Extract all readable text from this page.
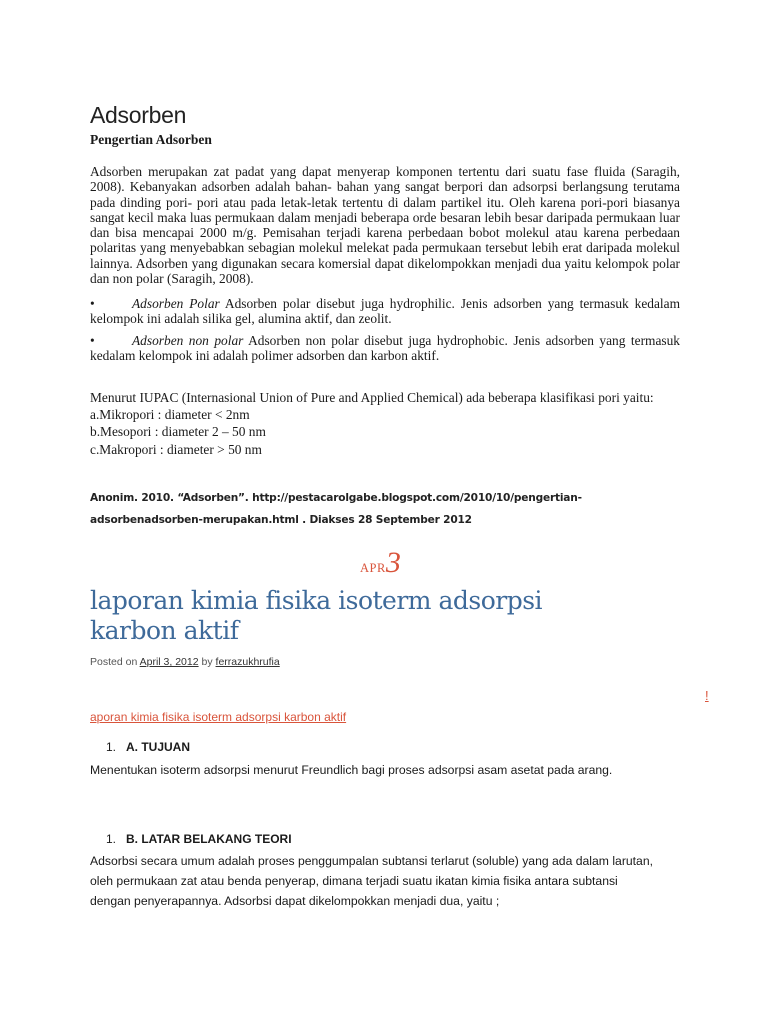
Adsorben
Pengertian Adsorben
Adsorben merupakan zat padat yang dapat menyerap komponen tertentu dari suatu fase fluida (Saragih, 2008). Kebanyakan adsorben adalah bahan- bahan yang sangat berpori dan adsorpsi berlangsung terutama pada dinding pori- pori atau pada letak-letak tertentu di dalam partikel itu. Oleh karena pori-pori biasanya sangat kecil maka luas permukaan dalam menjadi beberapa orde besaran lebih besar daripada permukaan luar dan bisa mencapai 2000 m/g. Pemisahan terjadi karena perbedaan bobot molekul atau karena perbedaan polaritas yang menyebabkan sebagian molekul melekat pada permukaan tersebut lebih erat daripada molekul lainnya. Adsorben yang digunakan secara komersial dapat dikelompokkan menjadi dua yaitu kelompok polar dan non polar (Saragih, 2008).
•	Adsorben Polar Adsorben polar disebut juga hydrophilic. Jenis adsorben yang termasuk kedalam kelompok ini adalah silika gel, alumina aktif, dan zeolit.
•	Adsorben non polar Adsorben non polar disebut juga hydrophobic. Jenis adsorben yang termasuk kedalam kelompok ini adalah polimer adsorben dan karbon aktif.
Menurut IUPAC (Internasional Union of Pure and Applied Chemical) ada beberapa klasifikasi pori yaitu:
a.Mikropori : diameter < 2nm
b.Mesopori : diameter 2 – 50 nm
c.Makropori : diameter > 50 nm
Anonim. 2010. “Adsorben”. http://pestacarolgabe.blogspot.com/2010/10/pengertian-
adsorbenadsorben-merupakan.html . Diakses 28 September 2012
APR3
laporan kimia fisika isoterm adsorpsi
karbon aktif
Posted on April 3, 2012 by ferrazukhrufia
!
aporan kimia fisika isoterm adsorpsi karbon aktif
1. A. TUJUAN
Menentukan isoterm adsorpsi menurut Freundlich bagi proses adsorpsi asam asetat pada arang.
1. B. LATAR BELAKANG TEORI
Adsorbsi secara umum adalah proses penggumpalan subtansi terlarut (soluble) yang ada dalam larutan,
oleh permukaan zat atau benda penyerap, dimana terjadi suatu ikatan kimia fisika antara subtansi
dengan penyerapannya. Adsorbsi dapat dikelompokkan menjadi dua, yaitu ;
